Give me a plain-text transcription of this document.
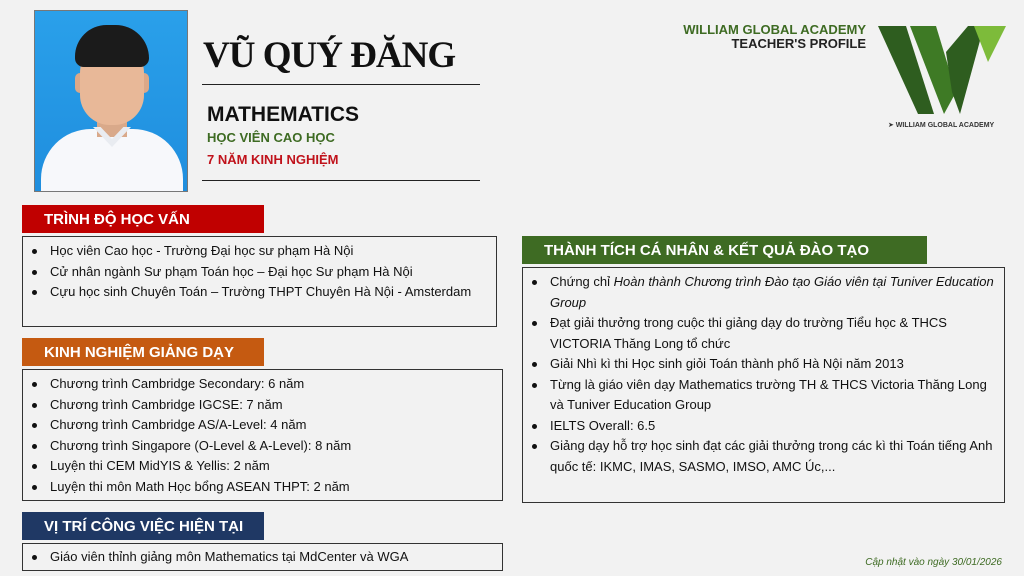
VŨ QUÝ ĐĂNG
MATHEMATICS
HỌC VIÊN CAO HỌC
7 NĂM KINH NGHIỆM
WILLIAM GLOBAL ACADEMY
TEACHER'S PROFILE
➤ WILLIAM GLOBAL ACADEMY
TRÌNH ĐỘ HỌC VẤN
Học viên Cao học - Trường Đại học sư phạm Hà Nội
Cử nhân ngành Sư phạm Toán học – Đại học Sư phạm Hà Nội
Cựu học sinh Chuyên Toán – Trường THPT Chuyên Hà Nội - Amsterdam
KINH NGHIỆM GIẢNG DẠY
Chương trình Cambridge Secondary: 6 năm
Chương trình Cambridge IGCSE: 7 năm
Chương trình Cambridge AS/A-Level: 4 năm
Chương trình Singapore (O-Level & A-Level): 8 năm
Luyện thi CEM MidYIS & Yellis: 2 năm
Luyện thi môn Math Học bổng ASEAN THPT: 2 năm
VỊ TRÍ CÔNG VIỆC HIỆN TẠI
Giáo viên thỉnh giảng môn Mathematics tại MdCenter và WGA
THÀNH TÍCH CÁ NHÂN & KẾT QUẢ ĐÀO TẠO
Chứng chỉ Hoàn thành Chương trình Đào tạo Giáo viên tại Tuniver Education Group
Đạt giải thưởng trong cuộc thi giảng dạy do trường Tiểu học & THCS VICTORIA Thăng Long tổ chức
Giải Nhì kì thi Học sinh giỏi Toán thành phố Hà Nội năm 2013
Từng là giáo viên dạy Mathematics trường TH & THCS Victoria Thăng Long và Tuniver Education Group
IELTS Overall: 6.5
Giảng dạy hỗ trợ học sinh đạt các giải thưởng trong các kì thi Toán tiếng Anh quốc tế: IKMC, IMAS, SASMO, IMSO, AMC Úc,...
Cập nhật vào ngày 30/01/2026
